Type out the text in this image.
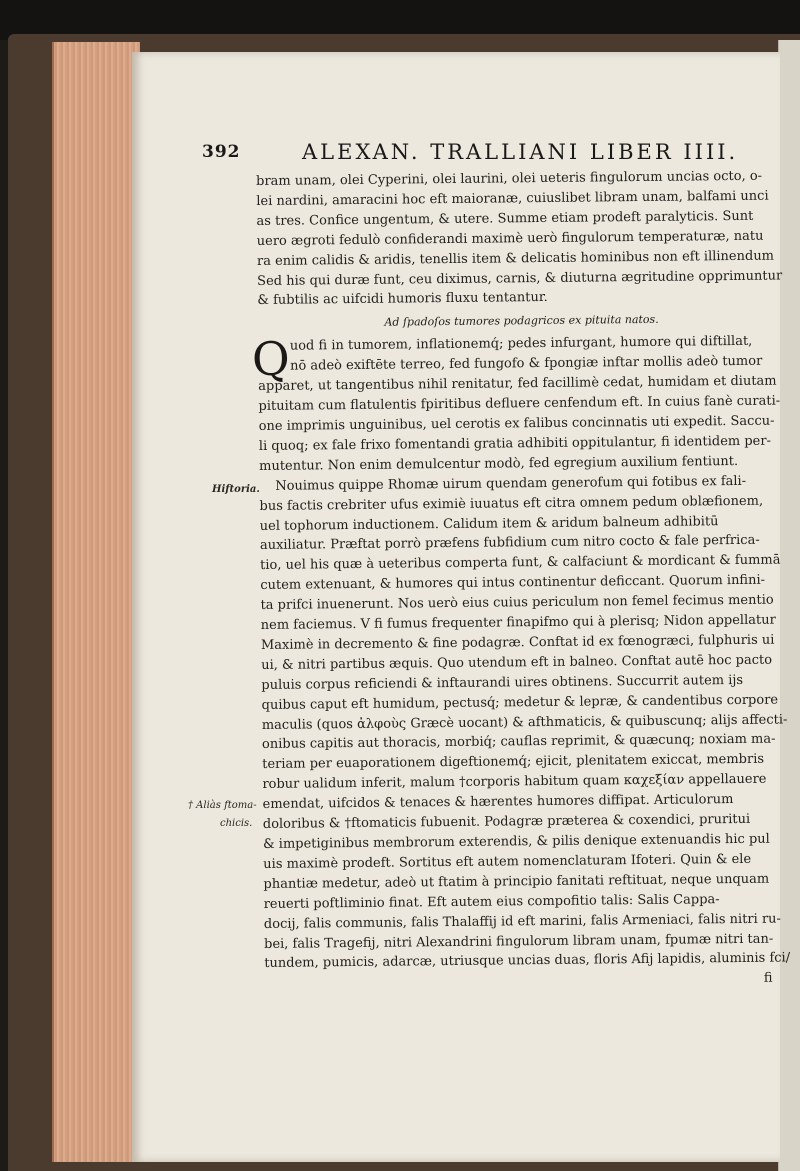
392	ALEXAN. TRALLIANI LIBER IIII.
Hiftoria.
† Aliàs ftoma-
chicis.
bram unam, olei Cyperini, olei laurini, olei ueteris fingulorum uncias octo, o-
lei nardini, amaracini hoc eft maioranæ, cuiuslibet libram unam, balfami unci
as tres. Confice ungentum, & utere. Summe etiam prodeft paralyticis. Sunt
uero ægroti fedulò confiderandi maximè uerò fingulorum temperaturæ, natu
ra enim calidis & aridis, tenellis item & delicatis hominibus non eft illinendum
Sed his qui duræ funt, ceu diximus, carnis, & diuturna ægritudine opprimuntur
& fubtilis ac uifcidi humoris fluxu tentantur.
Ad ſpadoſos tumores podagricos ex pituita natos.
Q uod fi in tumorem, inflationemq́; pedes infurgant, humore qui diftillat,
nō adeò exiftēte terreo, fed fungofo & fpongiæ inftar mollis adeò tumor
apparet, ut tangentibus nihil renitatur, fed facillimè cedat, humidam et diutam
pituitam cum flatulentis fpiritibus defluere cenfendum eft. In cuius fanè curati-
one imprimis unguinibus, uel cerotis ex falibus concinnatis uti expedit. Saccu-
li quoq; ex fale frixo fomentandi gratia adhibiti oppitulantur, fi identidem per-
mutentur. Non enim demulcentur modò, fed egregium auxilium fentiunt.
Nouimus quippe Rhomæ uirum quendam generofum qui fotibus ex fali-
bus factis crebriter ufus eximiè iuuatus eft citra omnem pedum oblæfionem,
uel tophorum inductionem. Calidum item & aridum balneum adhibitū
auxiliatur. Præftat porrò præfens fubfidium cum nitro cocto & fale perfrica-
tio, uel his quæ à ueteribus comperta funt, & calfaciunt & mordicant & fummā
cutem extenuant, & humores qui intus continentur deficcant. Quorum infini-
ta prifci inuenerunt. Nos uerò eius cuius periculum non femel fecimus mentio
nem faciemus. V fi fumus frequenter finapifmo qui à plerisq; Nidon appellatur
Maximè in decremento & fine podagræ. Conftat id ex fœnogræci, fulphuris ui
ui, & nitri partibus æquis. Quo utendum eft in balneo. Conftat autē hoc pacto
puluis corpus reficiendi & inftaurandi uires obtinens. Succurrit autem ijs
quibus caput eft humidum, pectusq́; medetur & lepræ, & candentibus corpore
maculis (quos ἀλφοὺς Græcè uocant) & afthmaticis, & quibuscunq; alijs affecti-
onibus capitis aut thoracis, morbiq́; cauflas reprimit, & quæcunq; noxiam ma-
teriam per euaporationem digeftionemq́; ejicit, plenitatem exiccat, membris
robur ualidum inferit, malum †corporis habitum quam καχεξίαν appellauere
emendat, uifcidos & tenaces & hærentes humores diffipat. Articulorum
doloribus & †ftomaticis fubuenit. Podagræ præterea & coxendici, pruritui
& impetiginibus membrorum exterendis, & pilis denique extenuandis hic pul
uis maximè prodeft. Sortitus eft autem nomenclaturam Ifoteri. Quin & ele
phantiæ medetur, adeò ut ftatim à principio fanitati reftituat, neque unquam
reuerti poftliminio finat. Eft autem eius compofitio talis: Salis Cappa-
docij, falis communis, falis Thalaffij id eft marini, falis Armeniaci, falis nitri ru-
bei, falis Tragefij, nitri Alexandrini fingulorum libram unam, fpumæ nitri tan-
tundem, pumicis, adarcæ, utriusque uncias duas, floris Afij lapidis, aluminis fci/
fi
